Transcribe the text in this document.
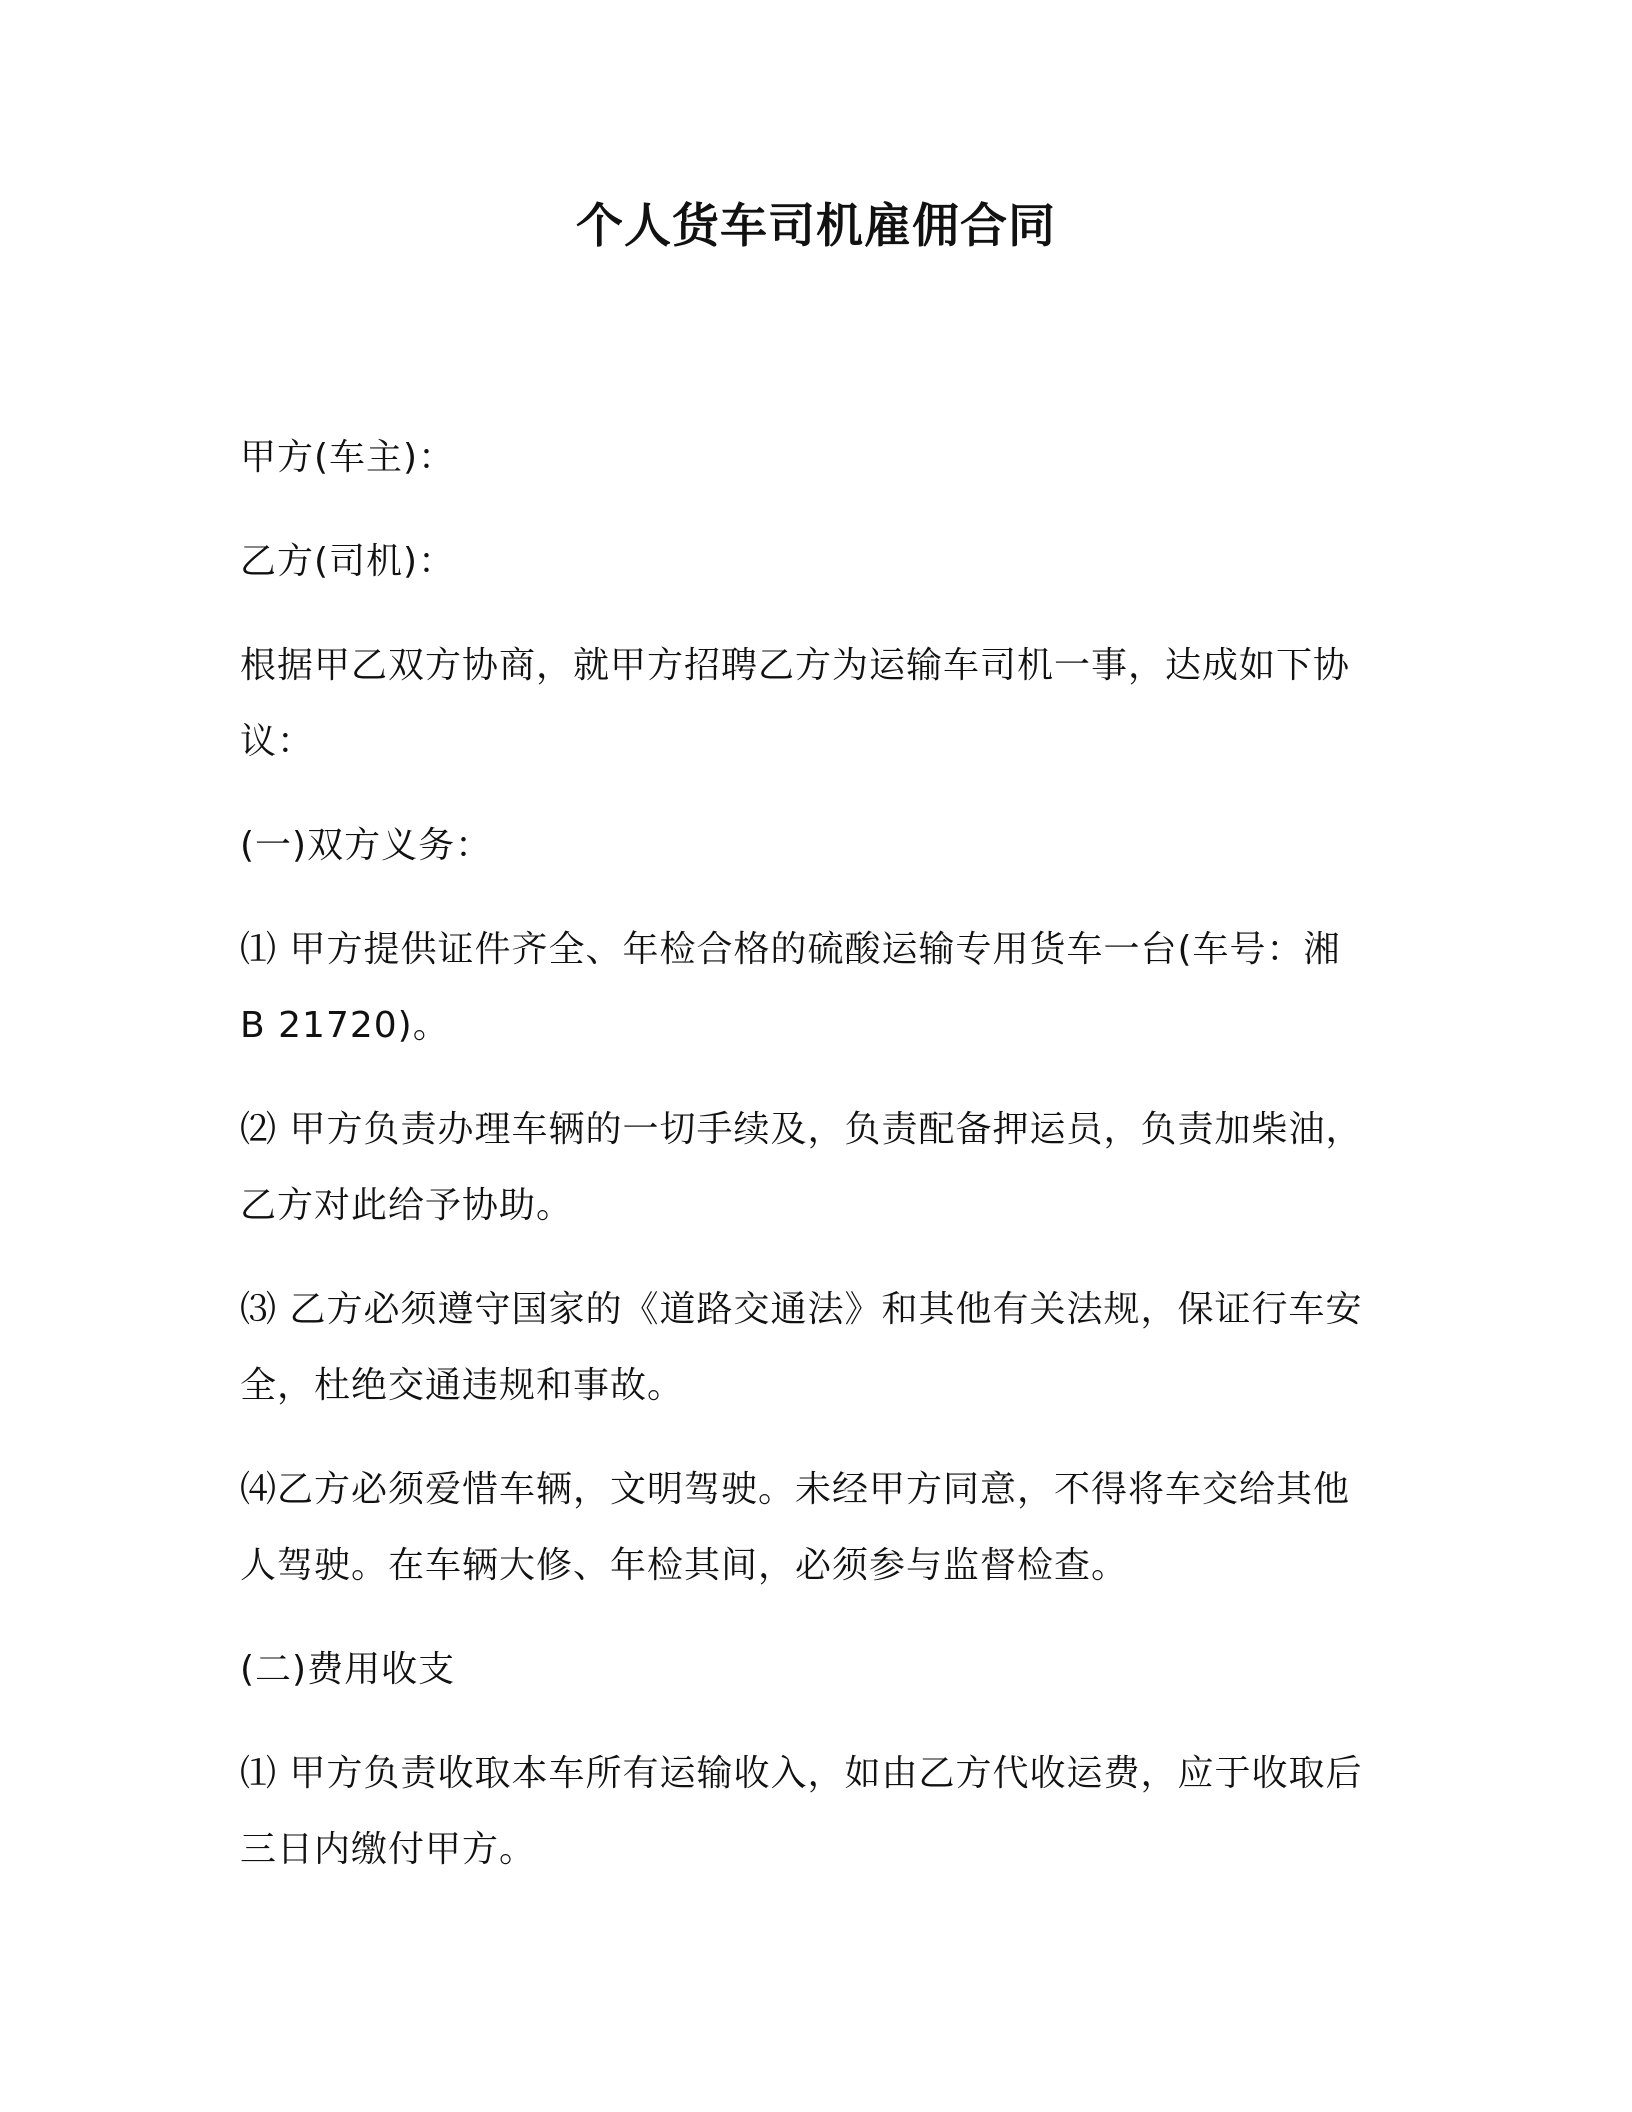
个人货车司机雇佣合同

甲方(车主)：

乙方(司机)：

根据甲乙双方协商，就甲方招聘乙方为运输车司机一事，达成如下协议：

(一)双方义务：

⑴ 甲方提供证件齐全、年检合格的硫酸运输专用货车一台(车号：湘 B 21720)。

⑵ 甲方负责办理车辆的一切手续及，负责配备押运员，负责加柴油，乙方对此给予协助。

⑶ 乙方必须遵守国家的《道路交通法》和其他有关法规，保证行车安全，杜绝交通违规和事故。

⑷乙方必须爱惜车辆，文明驾驶。未经甲方同意，不得将车交给其他人驾驶。在车辆大修、年检其间，必须参与监督检查。

(二)费用收支

⑴ 甲方负责收取本车所有运输收入，如由乙方代收运费，应于收取后三日内缴付甲方。
